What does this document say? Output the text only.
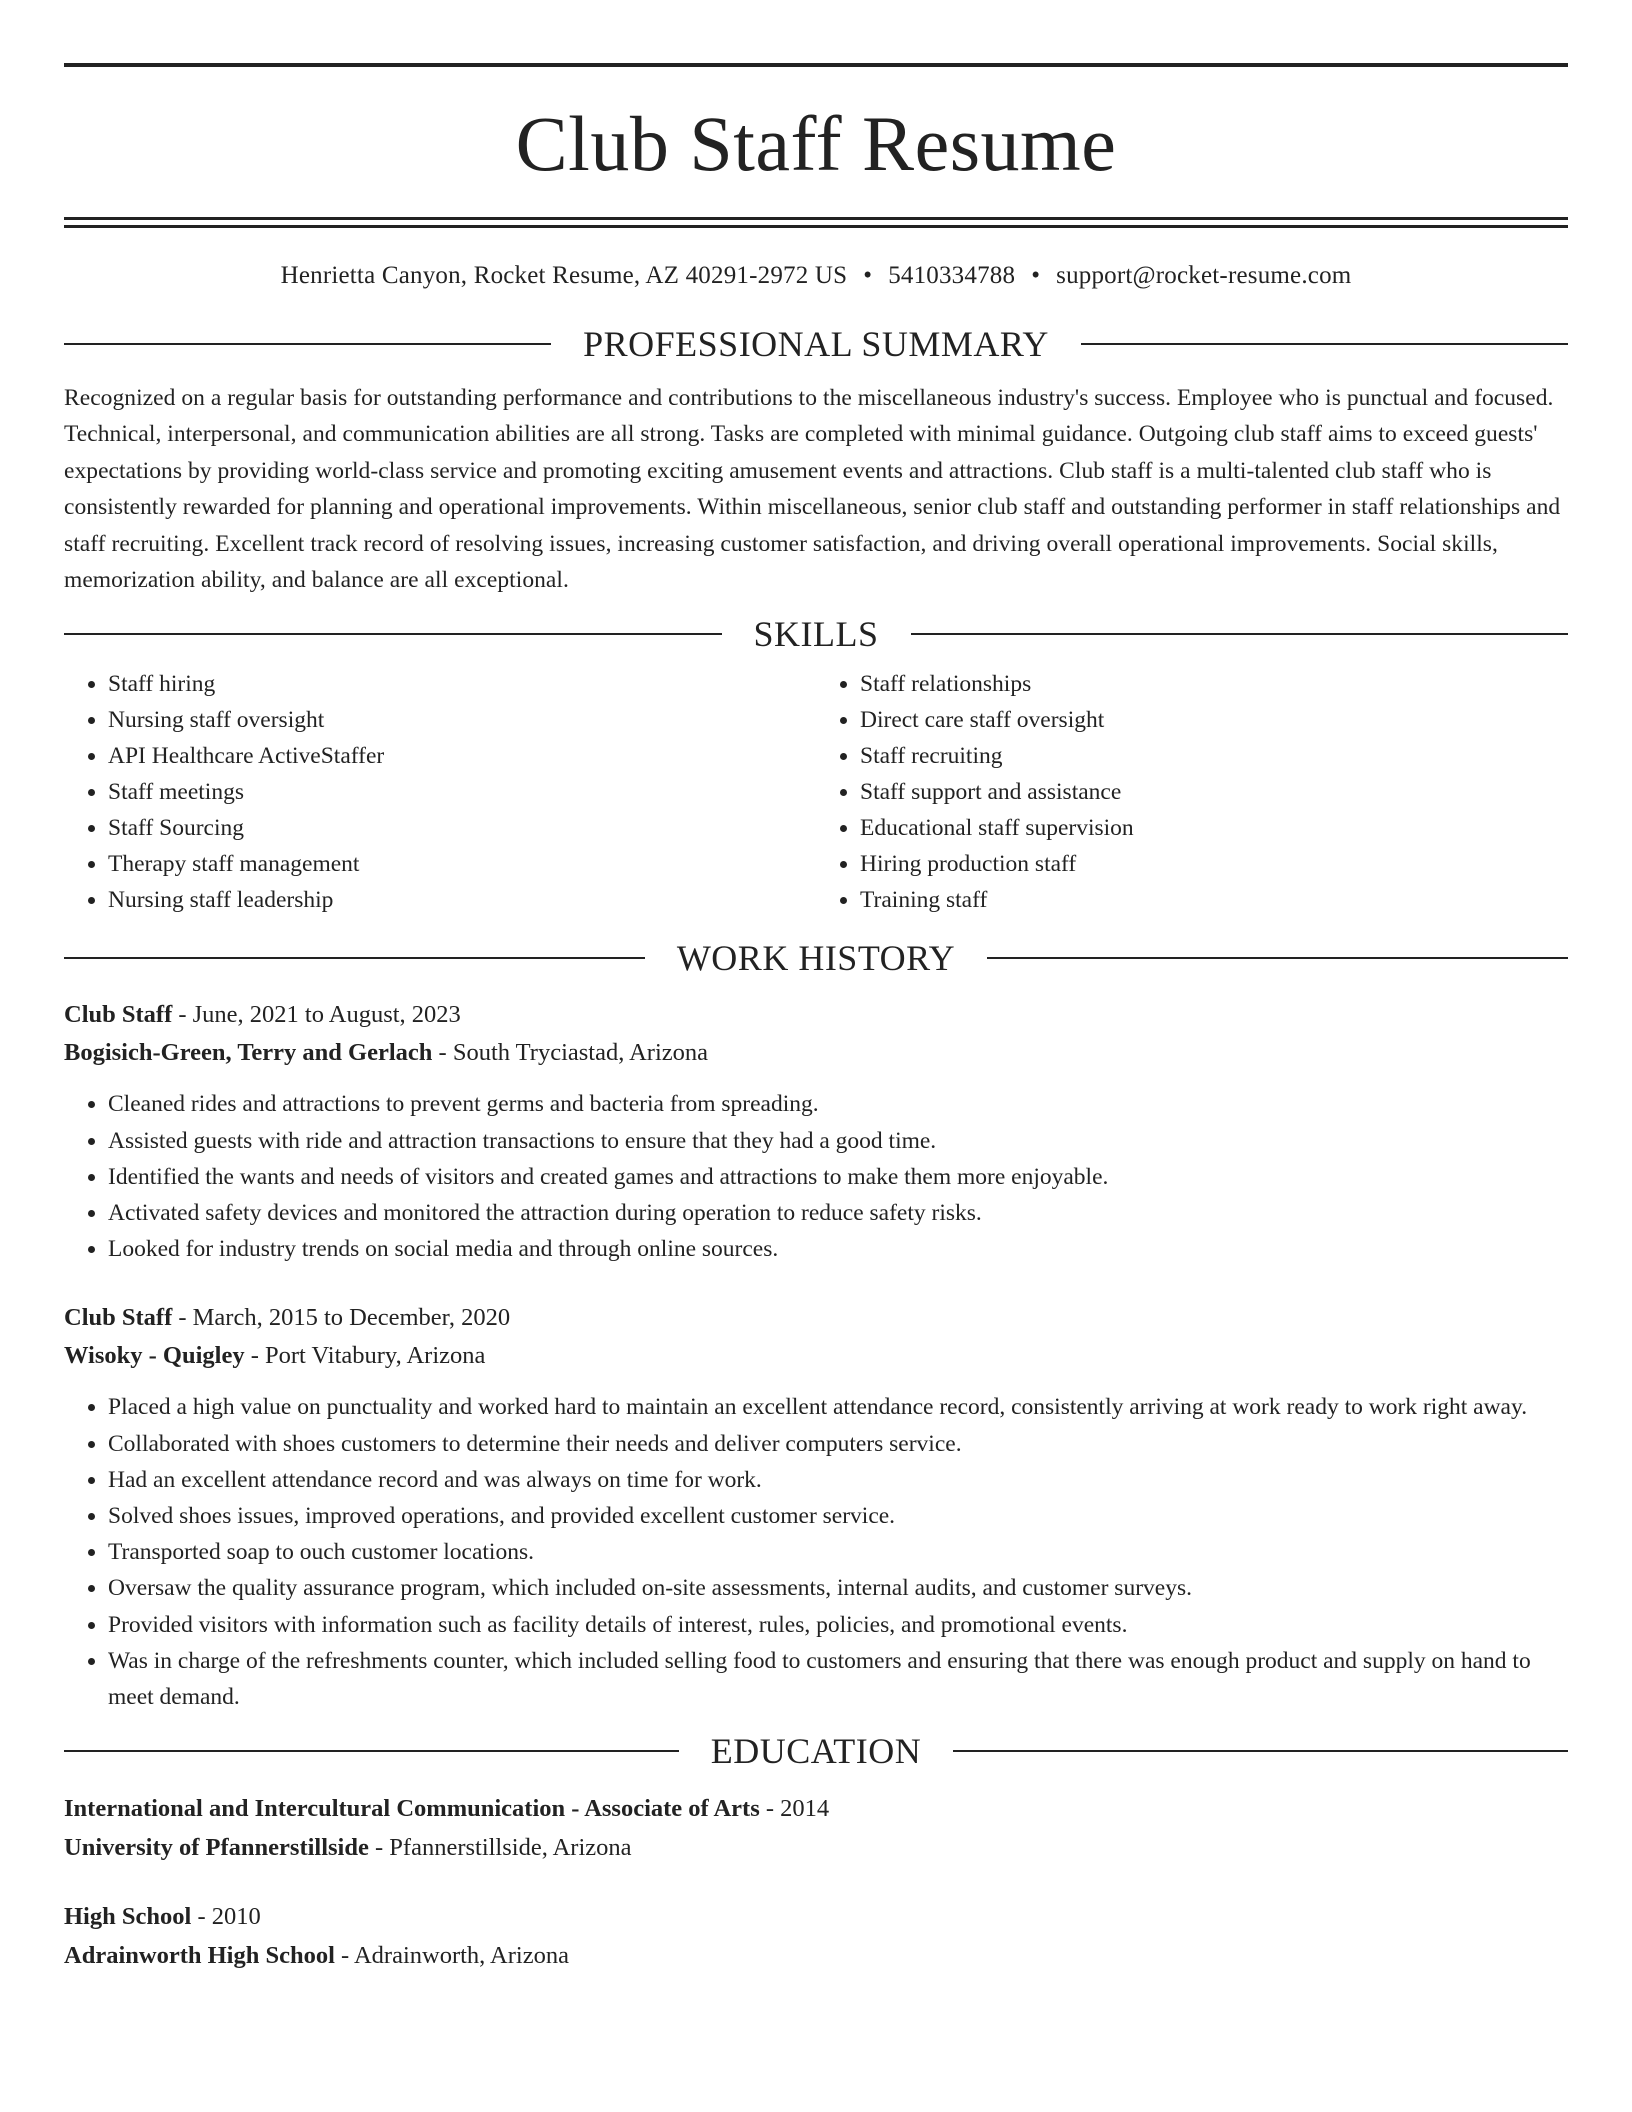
Club Staff Resume
Henrietta Canyon, Rocket Resume, AZ 40291-2972 US • 5410334788 • support@rocket-resume.com
PROFESSIONAL SUMMARY

Recognized on a regular basis for outstanding performance and contributions to the miscellaneous industry's success. Employee who is punctual and focused. Technical, interpersonal, and communication abilities are all strong. Tasks are completed with minimal guidance. Outgoing club staff aims to exceed guests' expectations by providing world-class service and promoting exciting amusement events and attractions. Club staff is a multi-talented club staff who is consistently rewarded for planning and operational improvements. Within miscellaneous, senior club staff and outstanding performer in staff relationships and staff recruiting. Excellent track record of resolving issues, increasing customer satisfaction, and driving overall operational improvements. Social skills, memorization ability, and balance are all exceptional.

SKILLS
• Staff hiring
• Nursing staff oversight
• API Healthcare ActiveStaffer
• Staff meetings
• Staff Sourcing
• Therapy staff management
• Nursing staff leadership
• Staff relationships
• Direct care staff oversight
• Staff recruiting
• Staff support and assistance
• Educational staff supervision
• Hiring production staff
• Training staff
WORK HISTORY
Club Staff - June, 2021 to August, 2023
Bogisich-Green, Terry and Gerlach - South Tryciastad, Arizona
• Cleaned rides and attractions to prevent germs and bacteria from spreading.
• Assisted guests with ride and attraction transactions to ensure that they had a good time.
• Identified the wants and needs of visitors and created games and attractions to make them more enjoyable.
• Activated safety devices and monitored the attraction during operation to reduce safety risks.
• Looked for industry trends on social media and through online sources.
Club Staff - March, 2015 to December, 2020
Wisoky - Quigley - Port Vitabury, Arizona
• Placed a high value on punctuality and worked hard to maintain an excellent attendance record, consistently arriving at work ready to work right away.
• Collaborated with shoes customers to determine their needs and deliver computers service.
• Had an excellent attendance record and was always on time for work.
• Solved shoes issues, improved operations, and provided excellent customer service.
• Transported soap to ouch customer locations.
• Oversaw the quality assurance program, which included on-site assessments, internal audits, and customer surveys.
• Provided visitors with information such as facility details of interest, rules, policies, and promotional events.
• Was in charge of the refreshments counter, which included selling food to customers and ensuring that there was enough product and supply on hand to meet demand.
EDUCATION
International and Intercultural Communication - Associate of Arts - 2014
University of Pfannerstillside - Pfannerstillside, Arizona
High School - 2010
Adrainworth High School - Adrainworth, Arizona
